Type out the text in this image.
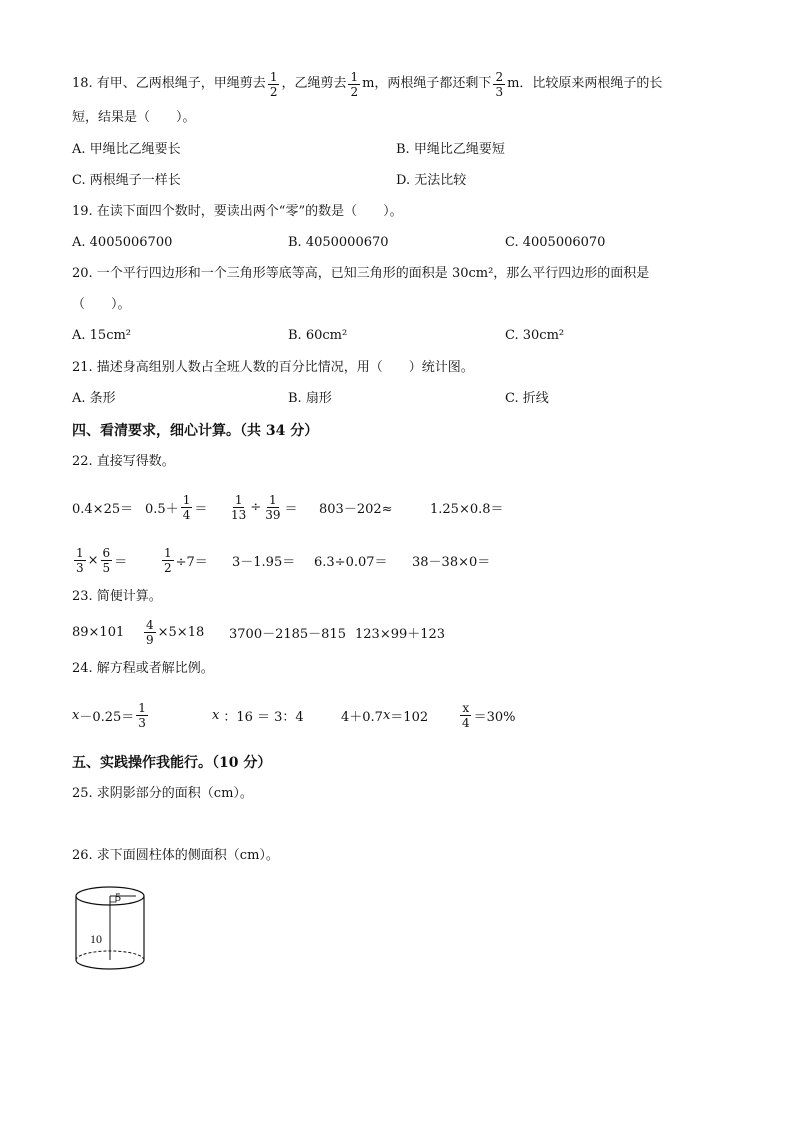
18. 有甲、乙两根绳子，甲绳剪去 $\frac{1}{2}$ ，乙绳剪去 $\frac{1}{2}$ m，两根绳子都还剩下 $\frac{2}{3}$ m．比较原来两根绳子的长
短，结果是（　　）。
A. 甲绳比乙绳要长	B. 甲绳比乙绳要短
C. 两根绳子一样长	D. 无法比较
19. 在读下面四个数时，要读出两个“零”的数是（　　）。
A. 4005006700	B. 4050000670	C. 4005006070
20. 一个平行四边形和一个三角形等底等高，已知三角形的面积是 30cm²，那么平行四边形的面积是
（　　）。
A. 15cm²	B. 60cm²	C. 30cm²
21. 描述身高组别人数占全班人数的百分比情况，用（　　）统计图。
A. 条形	B. 扇形	C. 折线
四、看清要求，细心计算。（共 34 分）
22. 直接写得数。
$0.4\times 25= 0.5+ \frac{1}{4} = \frac{1}{13} \div \frac{1}{39} = 803-202\approx$	1.25×0.8＝
$\frac{1}{3} \times \frac{6}{5}$ ＝	$\frac{1}{2} \div 7= 3-1.95= 6.3\div 0.07= 38-38\times 0=$
23. 简便计算。
$89\times 101 \frac{4}{9} \times 5\times 18$ 3700－2185－815 123×99＋123
24. 解方程或者解比例。
$x -0.25= \frac{1}{3}$	x ：16 ＝ 3：4	4＋0.7 x ＝102	$\frac{x}{4} =30\%$
五、实践操作我能行。（10 分）
25. 求阴影部分的面积（cm）。
26. 求下面圆柱体的侧面积（cm）。
5
10
